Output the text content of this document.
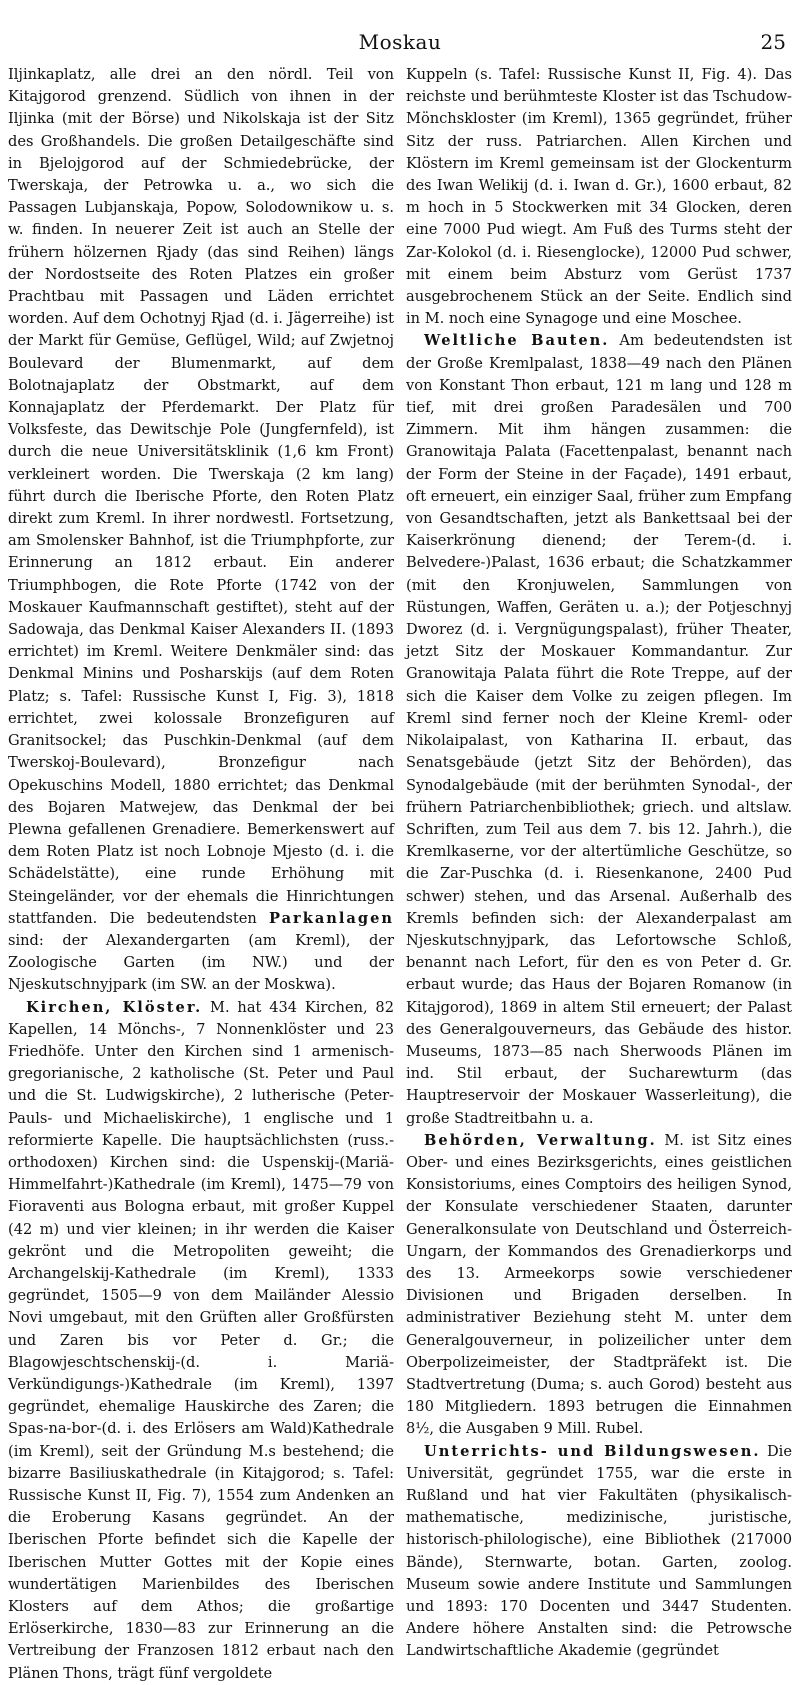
Moskau	25

Iljinkaplatz, alle drei an den nördl. Teil von Kitajgorod grenzend. Südlich von ihnen in der Iljinka (mit der Börse) und Nikolskaja ist der Sitz des Großhandels. Die großen Detailgeschäfte sind in Bjelojgorod auf der Schmiedebrücke, der Twerskaja, der Petrowka u. a., wo sich die Passagen Lubjanskaja, Popow, Solodownikow u. s. w. finden. In neuerer Zeit ist auch an Stelle der frühern hölzernen Rjady (das sind Reihen) längs der Nordostseite des Roten Platzes ein großer Prachtbau mit Passagen und Läden errichtet worden. Auf dem Ochotnyj Rjad (d. i. Jägerreihe) ist der Markt für Gemüse, Geflügel, Wild; auf Zwjetnoj Boulevard der Blumenmarkt, auf dem Bolotnajaplatz der Obstmarkt, auf dem Konnajaplatz der Pferdemarkt. Der Platz für Volksfeste, das Dewitschje Pole (Jungfernfeld), ist durch die neue Universitätsklinik (1,6 km Front) verkleinert worden. Die Twerskaja (2 km lang) führt durch die Iberische Pforte, den Roten Platz direkt zum Kreml. In ihrer nordwestl. Fortsetzung, am Smolensker Bahnhof, ist die Triumphpforte, zur Erinnerung an 1812 erbaut. Ein anderer Triumphbogen, die Rote Pforte (1742 von der Moskauer Kaufmannschaft gestiftet), steht auf der Sadowaja, das Denkmal Kaiser Alexanders II. (1893 errichtet) im Kreml. Weitere Denkmäler sind: das Denkmal Minins und Posharskijs (auf dem Roten Platz; s. Tafel: Russische Kunst I, Fig. 3), 1818 errichtet, zwei kolossale Bronzefiguren auf Granitsockel; das Puschkin-Denkmal (auf dem Twerskoj-Boulevard), Bronzefigur nach Opekuschins Modell, 1880 errichtet; das Denkmal des Bojaren Matwejew, das Denkmal der bei Plewna gefallenen Grenadiere. Bemerkenswert auf dem Roten Platz ist noch Lobnoje Mjesto (d. i. die Schädelstätte), eine runde Erhöhung mit Steingeländer, vor der ehemals die Hinrichtungen stattfanden. Die bedeutendsten Parkanlagen sind: der Alexandergarten (am Kreml), der Zoologische Garten (im NW.) und der Njeskutschnyjpark (im SW. an der Moskwa).

Kirchen, Klöster. M. hat 434 Kirchen, 82 Kapellen, 14 Mönchs-, 7 Nonnenklöster und 23 Friedhöfe. Unter den Kirchen sind 1 armenisch-gregorianische, 2 katholische (St. Peter und Paul und die St. Ludwigskirche), 2 lutherische (Peter-Pauls- und Michaeliskirche), 1 englische und 1 reformierte Kapelle. Die hauptsächlichsten (russ.-orthodoxen) Kirchen sind: die Uspenskij-(Mariä-Himmelfahrt-)Kathedrale (im Kreml), 1475—79 von Fioraventi aus Bologna erbaut, mit großer Kuppel (42 m) und vier kleinen; in ihr werden die Kaiser gekrönt und die Metropoliten geweiht; die Archangelskij-Kathedrale (im Kreml), 1333 gegründet, 1505—9 von dem Mailänder Alessio Novi umgebaut, mit den Grüften aller Großfürsten und Zaren bis vor Peter d. Gr.; die Blagowjeschtschenskij-(d. i. Mariä-Verkündigungs-)Kathedrale (im Kreml), 1397 gegründet, ehemalige Hauskirche des Zaren; die Spas-na-bor-(d. i. des Erlösers am Wald)Kathedrale (im Kreml), seit der Gründung M.s bestehend; die bizarre Basiliuskathedrale (in Kitajgorod; s. Tafel: Russische Kunst II, Fig. 7), 1554 zum Andenken an die Eroberung Kasans gegründet. An der Iberischen Pforte befindet sich die Kapelle der Iberischen Mutter Gottes mit der Kopie eines wundertätigen Marienbildes des Iberischen Klosters auf dem Athos; die großartige Erlöserkirche, 1830—83 zur Erinnerung an die Vertreibung der Franzosen 1812 erbaut nach den Plänen Thons, trägt fünf vergoldete

Kuppeln (s. Tafel: Russische Kunst II, Fig. 4). Das reichste und berühmteste Kloster ist das Tschudow-Mönchskloster (im Kreml), 1365 gegründet, früher Sitz der russ. Patriarchen. Allen Kirchen und Klöstern im Kreml gemeinsam ist der Glockenturm des Iwan Welikij (d. i. Iwan d. Gr.), 1600 erbaut, 82 m hoch in 5 Stockwerken mit 34 Glocken, deren eine 7000 Pud wiegt. Am Fuß des Turms steht der Zar-Kolokol (d. i. Riesenglocke), 12000 Pud schwer, mit einem beim Absturz vom Gerüst 1737 ausgebrochenem Stück an der Seite. Endlich sind in M. noch eine Synagoge und eine Moschee.

Weltliche Bauten. Am bedeutendsten ist der Große Kremlpalast, 1838—49 nach den Plänen von Konstant Thon erbaut, 121 m lang und 128 m tief, mit drei großen Paradesälen und 700 Zimmern. Mit ihm hängen zusammen: die Granowitaja Palata (Facettenpalast, benannt nach der Form der Steine in der Façade), 1491 erbaut, oft erneuert, ein einziger Saal, früher zum Empfang von Gesandtschaften, jetzt als Bankettsaal bei der Kaiserkrönung dienend; der Terem-(d. i. Belvedere-)Palast, 1636 erbaut; die Schatzkammer (mit den Kronjuwelen, Sammlungen von Rüstungen, Waffen, Geräten u. a.); der Potjeschnyj Dworez (d. i. Vergnügungspalast), früher Theater, jetzt Sitz der Moskauer Kommandantur. Zur Granowitaja Palata führt die Rote Treppe, auf der sich die Kaiser dem Volke zu zeigen pflegen. Im Kreml sind ferner noch der Kleine Kreml- oder Nikolaipalast, von Katharina II. erbaut, das Senatsgebäude (jetzt Sitz der Behörden), das Synodalgebäude (mit der berühmten Synodal-, der frühern Patriarchenbibliothek; griech. und altslaw. Schriften, zum Teil aus dem 7. bis 12. Jahrh.), die Kremlkaserne, vor der altertümliche Geschütze, so die Zar-Puschka (d. i. Riesenkanone, 2400 Pud schwer) stehen, und das Arsenal. Außerhalb des Kremls befinden sich: der Alexanderpalast am Njeskutschnyjpark, das Lefortowsche Schloß, benannt nach Lefort, für den es von Peter d. Gr. erbaut wurde; das Haus der Bojaren Romanow (in Kitajgorod), 1869 in altem Stil erneuert; der Palast des Generalgouverneurs, das Gebäude des histor. Museums, 1873—85 nach Sherwoods Plänen im ind. Stil erbaut, der Sucharewturm (das Hauptreservoir der Moskauer Wasserleitung), die große Stadtreitbahn u. a.

Behörden, Verwaltung. M. ist Sitz eines Ober- und eines Bezirksgerichts, eines geistlichen Konsistoriums, eines Comptoirs des heiligen Synod, der Konsulate verschiedener Staaten, darunter Generalkonsulate von Deutschland und Österreich-Ungarn, der Kommandos des Grenadierkorps und des 13. Armeekorps sowie verschiedener Divisionen und Brigaden derselben. In administrativer Beziehung steht M. unter dem Generalgouverneur, in polizeilicher unter dem Oberpolizeimeister, der Stadtpräfekt ist. Die Stadtvertretung (Duma; s. auch Gorod) besteht aus 180 Mitgliedern. 1893 betrugen die Einnahmen 8½, die Ausgaben 9 Mill. Rubel.

Unterrichts- und Bildungswesen. Die Universität, gegründet 1755, war die erste in Rußland und hat vier Fakultäten (physikalisch-mathematische, medizinische, juristische, historisch-philologische), eine Bibliothek (217000 Bände), Sternwarte, botan. Garten, zoolog. Museum sowie andere Institute und Sammlungen und 1893: 170 Docenten und 3447 Studenten. Andere höhere Anstalten sind: die Petrowsche Landwirtschaftliche Akademie (gegründet
